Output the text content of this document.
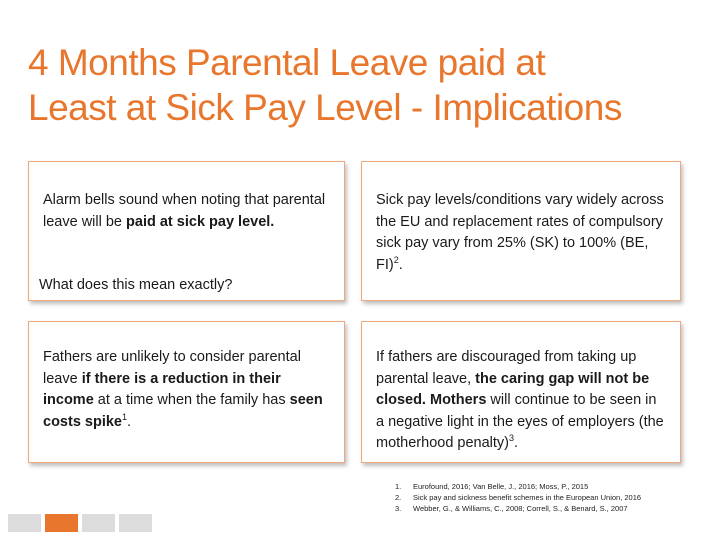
4 Months Parental Leave paid at
Least at Sick Pay Level - Implications

Alarm bells sound when noting that parental leave will be paid at sick pay level.

What does this mean exactly?

Sick pay levels/conditions vary widely across the EU and replacement rates of compulsory sick pay vary from 25% (SK) to 100% (BE, FI)$^2$.

Fathers are unlikely to consider parental leave if there is a reduction in their income at a time when the family has seen costs spike$^1$.

If fathers are discouraged from taking up parental leave, the caring gap will not be closed. Mothers will continue to be seen in a negative light in the eyes of employers (the motherhood penalty)$^3$.

1.	Eurofound, 2016; Van Belle, J., 2016; Moss, P., 2015
2.	Sick pay and sickness benefit schemes in the European Union, 2016
3.	Webber, G., & Williams, C., 2008; Correll, S., & Benard, S., 2007
